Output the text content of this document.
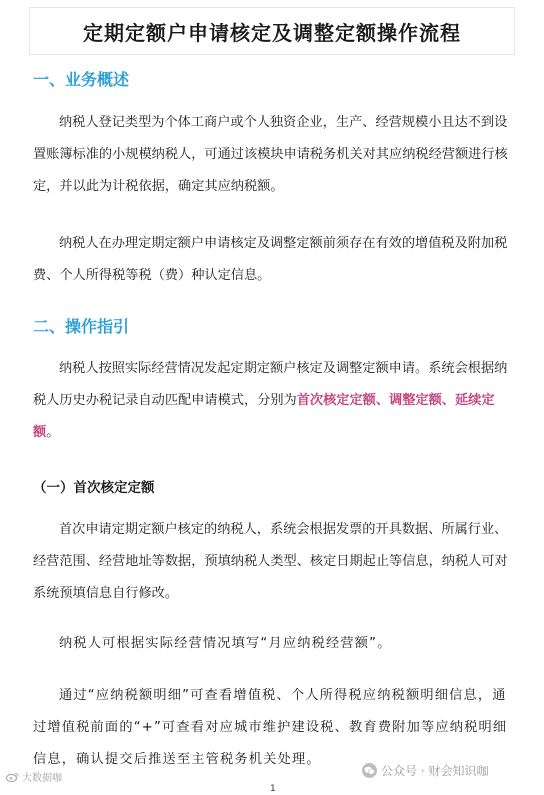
定期定额户申请核定及调整定额操作流程
一、业务概述

纳税人登记类型为个体工商户或个人独资企业，生产、经营规模小且达不到设置账簿标准的小规模纳税人，可通过该模块申请税务机关对其应纳税经营额进行核定，并以此为计税依据，确定其应纳税额。

纳税人在办理定期定额户申请核定及调整定额前须存在有效的增值税及附加税费、个人所得税等税（费）种认定信息。

二、操作指引

纳税人按照实际经营情况发起定期定额户核定及调整定额申请。系统会根据纳税人历史办税记录自动匹配申请模式，分别为首次核定定额、调整定额、延续定额。

（一）首次核定定额

首次申请定期定额户核定的纳税人，系统会根据发票的开具数据、所属行业、经营范围、经营地址等数据，预填纳税人类型、核定日期起止等信息，纳税人可对系统预填信息自行修改。

纳税人可根据实际经营情况填写“月应纳税经营额”。

通过“应纳税额明细”可查看增值税、个人所得税应纳税额明细信息，通过增值税前面的“+”可查看对应城市维护建设税、教育费附加等应纳税明细信息，确认提交后推送至主管税务机关处理。

大数据咖
公众号 · 财会知识咖
1
